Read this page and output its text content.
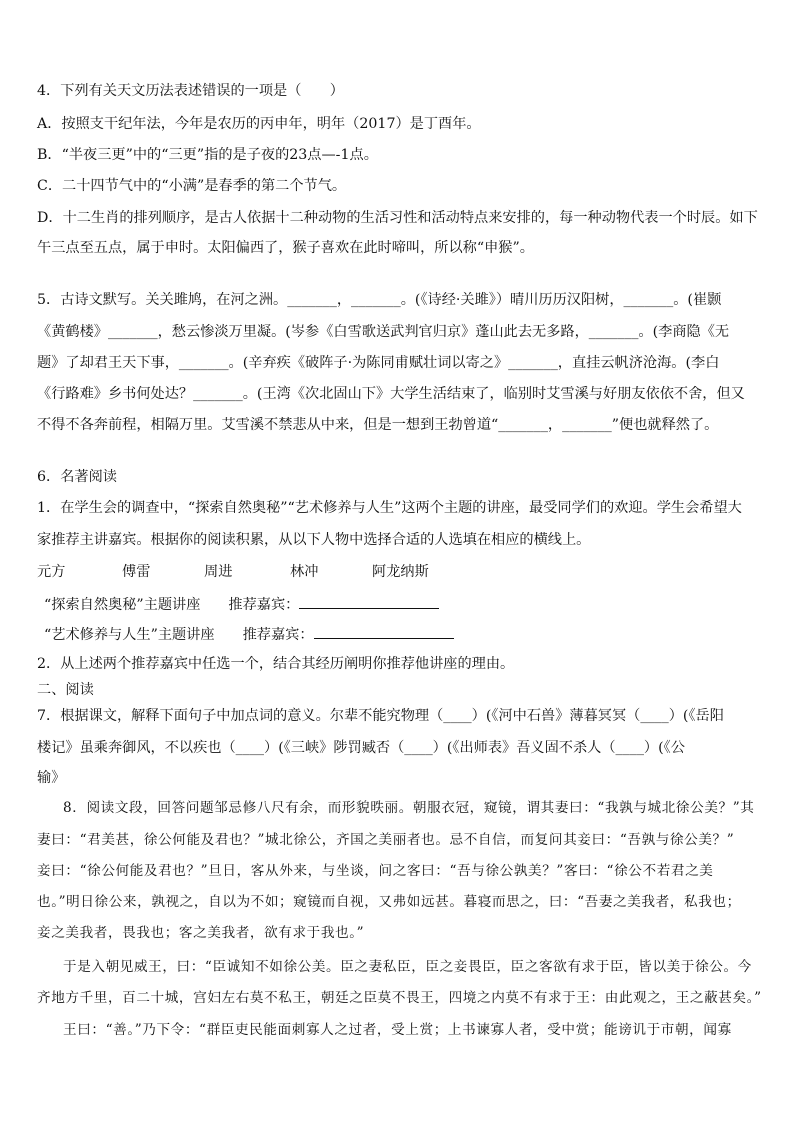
4．下列有关天文历法表述错误的一项是（　　）
A．按照支干纪年法，今年是农历的丙申年，明年（2017）是丁酉年。
B．“半夜三更”中的“三更”指的是子夜的23点—-1点。
C．二十四节气中的“小满”是春季的第二个节气。
D．十二生肖的排列顺序，是古人依据十二种动物的生活习性和活动特点来安排的，每一种动物代表一个时辰。如下
午三点至五点，属于申时。太阳偏西了，猴子喜欢在此时啼叫，所以称“申猴”。
5．古诗文默写。关关雎鸠，在河之洲。_______，_______。(《诗经·关雎》）晴川历历汉阳树，_______。(崔颢
《黄鹤楼》_______，愁云惨淡万里凝。(岑参《白雪歌送武判官归京》蓬山此去无多路，_______。(李商隐《无
题》了却君王天下事，_______。(辛弃疾《破阵子·为陈同甫赋壮词以寄之》_______，直挂云帆济沧海。(李白
《行路难》乡书何处达？_______。(王湾《次北固山下》大学生活结束了，临别时艾雪溪与好朋友依依不舍，但又
不得不各奔前程，相隔万里。艾雪溪不禁悲从中来，但是一想到王勃曾道“_______，_______”便也就释然了。
6．名著阅读
1．在学生会的调查中，“探索自然奥秘”“艺术修养与人生”这两个主题的讲座，最受同学们的欢迎。学生会希望大
家推荐主讲嘉宾。根据你的阅读积累，从以下人物中选择合适的人选填在相应的横线上。
元方	傅雷	周进	林冲	阿龙纳斯
“探索自然奥秘”主题讲座 推荐嘉宾：
“艺术修养与人生”主题讲座 推荐嘉宾：
2．从上述两个推荐嘉宾中任选一个，结合其经历阐明你推荐他讲座的理由。
二、阅读
7．根据课文，解释下面句子中加点词的意义。尔辈不能究物理（____）(《河中石兽》薄暮冥冥（____）(《岳阳
楼记》虽乘奔御风，不以疾也（____）(《三峡》陟罚臧否（____）(《出师表》吾义固不杀人（____）(《公
输》
8．阅读文段，回答问题邹忌修八尺有余，而形貌昳丽。朝服衣冠，窥镜，谓其妻曰：“我孰与城北徐公美？”其
妻曰：“君美甚，徐公何能及君也？”城北徐公，齐国之美丽者也。忌不自信，而复问其妾曰：“吾孰与徐公美？”
妾曰：“徐公何能及君也？”旦日，客从外来，与坐谈，问之客曰：“吾与徐公孰美？”客曰：“徐公不若君之美
也。”明日徐公来，孰视之，自以为不如；窥镜而自视，又弗如远甚。暮寝而思之，曰：“吾妻之美我者，私我也；
妾之美我者，畏我也；客之美我者，欲有求于我也。”
于是入朝见威王，曰：“臣诚知不如徐公美。臣之妻私臣，臣之妾畏臣，臣之客欲有求于臣，皆以美于徐公。今
齐地方千里，百二十城，宫妇左右莫不私王，朝廷之臣莫不畏王，四境之内莫不有求于王：由此观之，王之蔽甚矣。”
王曰：“善。”乃下令：“群臣吏民能面刺寡人之过者，受上赏；上书谏寡人者，受中赏；能谤讥于市朝，闻寡
